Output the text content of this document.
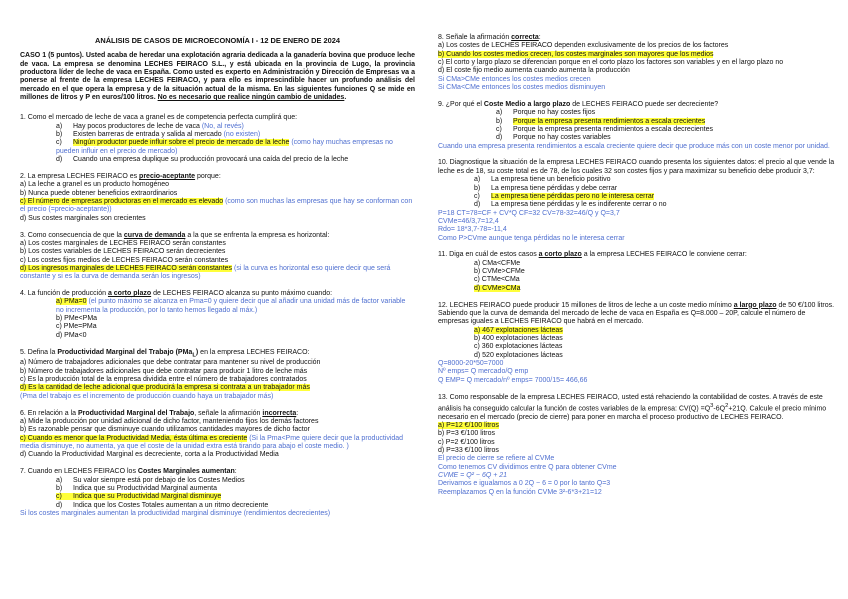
ANÁLISIS DE CASOS DE MICROECONOMÍA I - 12 DE ENERO DE 2024
CASO 1 (5 puntos). Usted acaba de heredar una explotación agraria dedicada a la ganadería bovina que produce leche de vaca. La empresa se denomina LECHES FEIRACO S.L., y está ubicada en la provincia de Lugo, la provincia productora líder de leche de vaca en España. Como usted es experto en Administración y Dirección de Empresas va a ponerse al frente de la empresa LECHES FEIRACO, y para ello es imprescindible hacer un profundo análisis del mercado en el que opera la empresa y de la situación actual de la misma. En las siguientes funciones Q se mide en millones de litros y P en euros/100 litros. No es necesario que realice ningún cambio de unidades.
1. Como el mercado de leche de vaca a granel es de competencia perfecta cumplirá que:
a) Hay pocos productores de leche de vaca (No, al revés)
b) Existen barreras de entrada y salida al mercado (no existen)
c) Ningún productor puede influir sobre el precio de mercado de la leche (como hay muchas empresas no pueden influir en el precio de mercado)
d) Cuando una empresa duplique su producción provocará una caída del precio de la leche
2. La empresa LECHES FEIRACO es precio-aceptante porque:
a) La leche a granel es un producto homogéneo
b) Nunca puede obtener beneficios extraordinarios
c) El número de empresas productoras en el mercado es elevado (como son muchas las empresas que hay se conforman con el precio (=precio-aceptante))
d) Sus costes marginales son crecientes
3. Como consecuencia de que la curva de demanda a la que se enfrenta la empresa es horizontal:
a) Los costes marginales de LECHES FEIRACO serán constantes
b) Los costes variables de LECHES FEIRACO serán decrecientes
c) Los costes fijos medios de LECHES FEIRACO serán constantes
d) Los ingresos marginales de LECHES FEIRACO serán constantes (si la curva es horizontal eso quiere decir que será constante y si es la curva de demanda serán los ingresos)
4. La función de producción a corto plazo de LECHES FEIRACO alcanza su punto máximo cuando:
a) PMa=0 (el punto máximo se alcanza en Pma=0 y quiere decir que al añadir una unidad más de factor variable no incrementa la producción, por lo tanto hemos llegado al máx.)
b) PMe<PMa
c) PMe=PMa
d) PMa<0
5. Defina la Productividad Marginal del Trabajo (PMa$_L$) en la empresa LECHES FEIRACO:
a) Número de trabajadores adicionales que debe contratar para mantener su nivel de producción
b) Número de trabajadores adicionales que debe contratar para producir 1 litro de leche más
c) Es la producción total de la empresa dividida entre el número de trabajadores contratados
d) Es la cantidad de leche adicional que producirá la empresa si contrata a un trabajador más
(Pma del trabajo es el incremento de producción cuando haya un trabajador más)
6. En relación a la Productividad Marginal del Trabajo, señale la afirmación incorrecta:
a) Mide la producción por unidad adicional de dicho factor, manteniendo fijos los demás factores
b) Es razonable pensar que disminuye cuando utilizamos cantidades mayores de dicho factor
c) Cuando es menor que la Productividad Media, ésta última es creciente (Si la Pma<Pme quiere decir que la productividad media disminuye, no aumenta, ya que el coste de la unidad extra está tirando para abajo el coste medio. )
d) Cuando la Productividad Marginal es decreciente, corta a la Productividad Media
7. Cuando en LECHES FEIRACO los Costes Marginales aumentan:
a) Su valor siempre está por debajo de los Costes Medios
b) Indica que su Productividad Marginal aumenta
c) Indica que su Productividad Marginal disminuye
d) Indica que los Costes Totales aumentan a un ritmo decreciente
Si los costes marginales aumentan la productividad marginal disminuye (rendimientos decrecientes)
8. Señale la afirmación correcta:
a) Los costes de LECHES FEIRACO dependen exclusivamente de los precios de los factores
b) Cuando los costes medios crecen, los costes marginales son mayores que los medios
c) El corto y largo plazo se diferencian porque en el corto plazo los factores son variables y en el largo plazo no
d) El coste fijo medio aumenta cuando aumenta la producción
Si CMa>CMe entonces los costes medios crecen
Si CMa<CMe entonces los costes medios disminuyen
9. ¿Por qué el Coste Medio a largo plazo de LECHES FEIRACO puede ser decreciente?
a) Porque no hay costes fijos
b) Porque la empresa presenta rendimientos a escala crecientes
c) Porque la empresa presenta rendimientos a escala decrecientes
d) Porque no hay costes variables
Cuando una empresa presenta rendimientos a escala creciente quiere decir que produce más con un coste menor por unidad.
10. Diagnostique la situación de la empresa LECHES FEIRACO cuando presenta los siguientes datos: el precio al que vende la leche es de 18, su coste total es de 78, de los cuales 32 son costes fijos y para maximizar su beneficio debe producir 3,7:
a) La empresa tiene un beneficio positivo
b) La empresa tiene pérdidas y debe cerrar
c) La empresa tiene pérdidas pero no le interesa cerrar
d) La empresa tiene pérdidas y le es indiferente cerrar o no
P=18 CT=78=CF + CV*Q CF=32 CV=78-32=46/Q y Q=3,7
CVMe=46/3,7=12,4
Rdo= 18*3,7-78=-11,4
Como P>CVme aunque tenga pérdidas no le interesa cerrar
11. Diga en cuál de estos casos a corto plazo a la empresa LECHES FEIRACO le conviene cerrar:
a) CMa<CFMe
b) CVMe>CFMe
c) CTMe<CMa
d) CVMe>CMa
12. LECHES FEIRACO puede producir 15 millones de litros de leche a un coste medio mínimo a largo plazo de 50 €/100 litros. Sabiendo que la curva de demanda del mercado de leche de vaca en España es Q=8.000 – 20P, calcule el número de empresas iguales a LECHES FEIRACO que habrá en el mercado.
a) 467 explotaciones lácteas
b) 400 explotaciones lácteas
c) 360 explotaciones lácteas
d) 520 explotaciones lácteas
Q=8000-20*50=7000
Nº emps= Q mercado/Q emp
Q EMP= Q mercado/nº emps= 7000/15= 466,66
13. Como responsable de la empresa LECHES FEIRACO, usted está rehaciendo la contabilidad de costes. A través de este análisis ha conseguido calcular la función de costes variables de la empresa: $CV(Q) =Q^3-6Q^2+21Q$. Calcule el precio mínimo necesario en el mercado (precio de cierre) para poner en marcha el proceso productivo de LECHES FEIRACO.
a) P=12 €/100 litros
b) P=3 €/100 litros
c) P=2 €/100 litros
d) P=33 €/100 litros
El precio de cierre se refiere al CVMe
Como tenemos CV dividimos entre Q para obtener CVme
CVME = Q² − 6Q + 21
Derivamos e igualamos a 0 2Q − 6 = 0 por lo tanto Q=3
Reemplazamos Q en la función CVMe 3²-6*3+21=12
